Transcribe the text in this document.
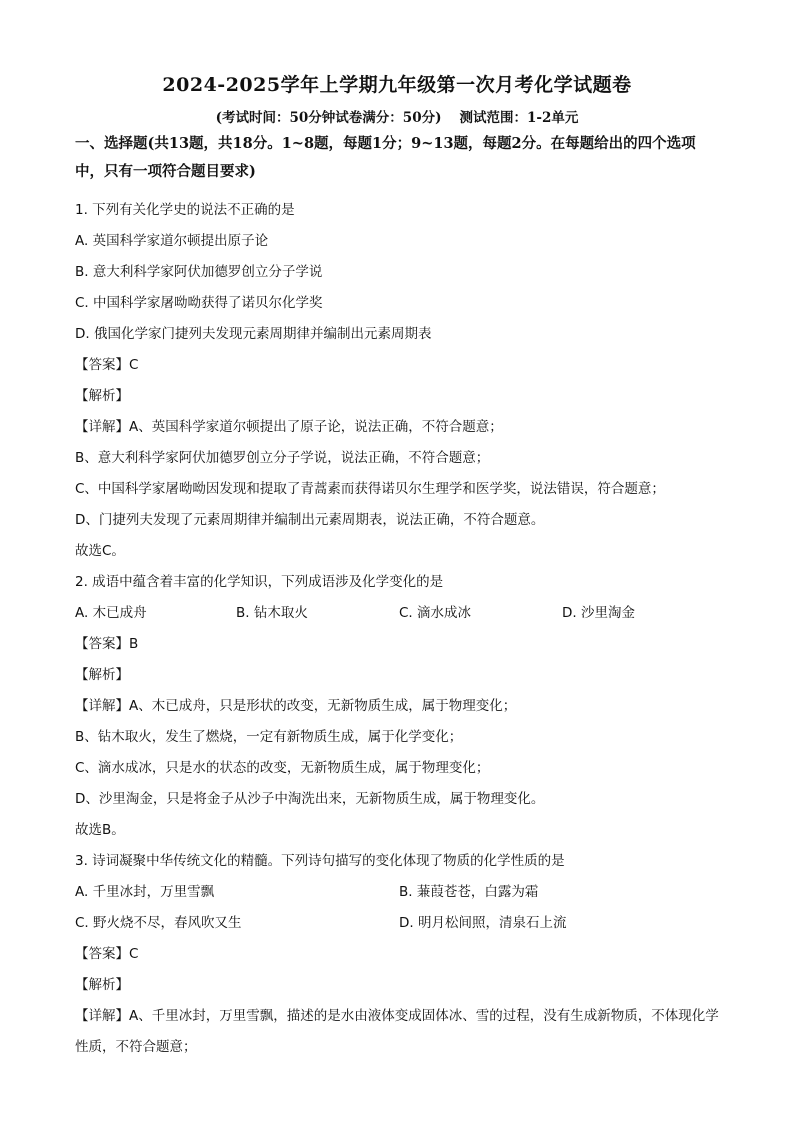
2024-2025学年上学期九年级第一次月考化学试题卷
(考试时间：50分钟试卷满分：50分) 测试范围：1-2单元
一、选择题(共13题，共18分。1~8题，每题1分；9~13题，每题2分。在每题给出的四个选项中，只有一项符合题目要求)
1. 下列有关化学史的说法不正确的是
A. 英国科学家道尔顿提出原子论
B. 意大利科学家阿伏加德罗创立分子学说
C. 中国科学家屠呦呦获得了诺贝尔化学奖
D. 俄国化学家门捷列夫发现元素周期律并编制出元素周期表
【答案】C
【解析】
【详解】A、英国科学家道尔顿提出了原子论，说法正确，不符合题意；
B、意大利科学家阿伏加德罗创立分子学说，说法正确，不符合题意；
C、中国科学家屠呦呦因发现和提取了青蒿素而获得诺贝尔生理学和医学奖，说法错误，符合题意；
D、门捷列夫发现了元素周期律并编制出元素周期表，说法正确，不符合题意。
故选C。
2. 成语中蕴含着丰富的化学知识，下列成语涉及化学变化的是
A. 木已成舟	B. 钻木取火	C. 滴水成冰	D. 沙里淘金
【答案】B
【解析】
【详解】A、木已成舟，只是形状的改变，无新物质生成，属于物理变化；
B、钻木取火，发生了燃烧，一定有新物质生成，属于化学变化；
C、滴水成冰，只是水的状态的改变，无新物质生成，属于物理变化；
D、沙里淘金，只是将金子从沙子中淘洗出来，无新物质生成，属于物理变化。
故选B。
3. 诗词凝聚中华传统文化的精髓。下列诗句描写的变化体现了物质的化学性质的是
A. 千里冰封，万里雪飘	B. 蒹葭苍苍，白露为霜
C. 野火烧不尽，春风吹又生	D. 明月松间照，清泉石上流
【答案】C
【解析】
【详解】A、千里冰封，万里雪飘，描述的是水由液体变成固体冰、雪的过程，没有生成新物质，不体现化学性质，不符合题意；
